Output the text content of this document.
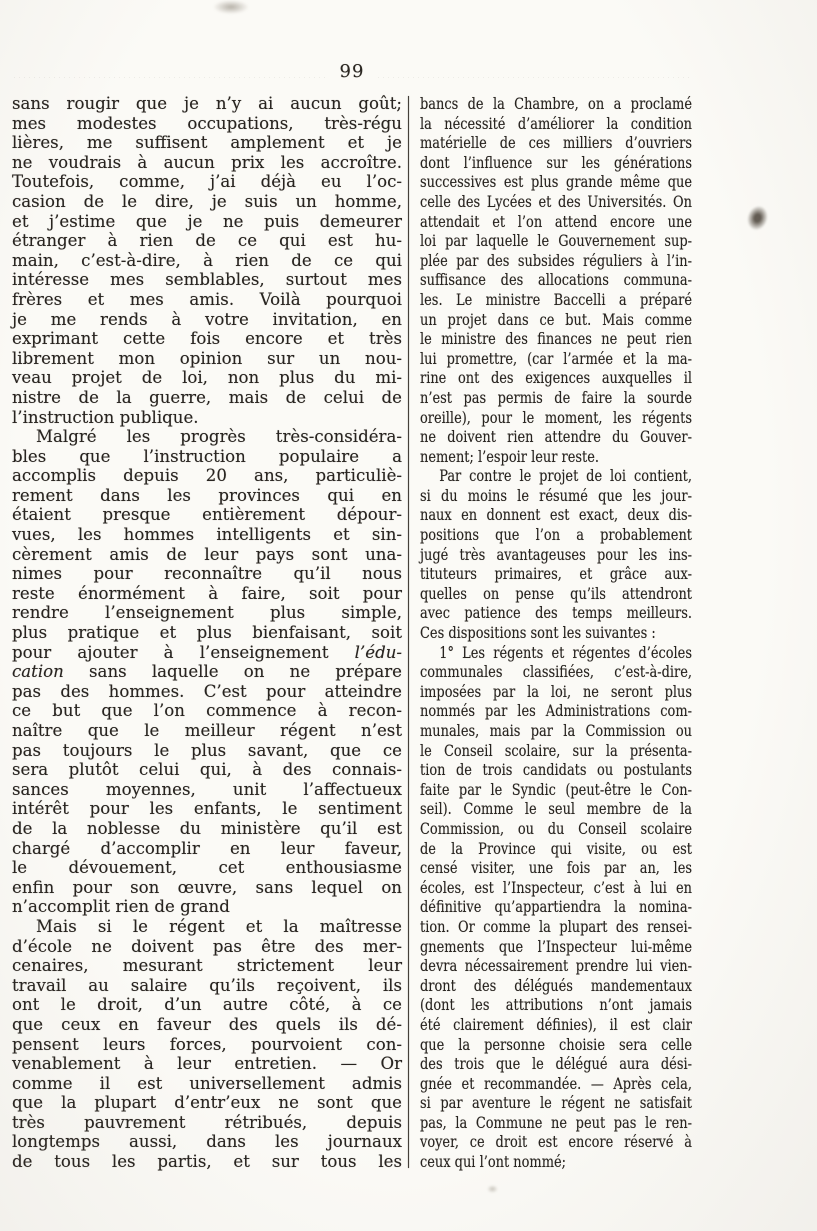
99
sans rougir que je n’y ai aucun goût;
mes modestes occupations, très-régu
lières, me suffisent amplement et je
ne voudrais à aucun prix les accroître.
Toutefois, comme, j’ai déjà eu l’oc-
casion de le dire, je suis un homme,
et j’estime que je ne puis demeurer
étranger à rien de ce qui est hu-
main, c’est-à-dire, à rien de ce qui
intéresse mes semblables, surtout mes
frères et mes amis. Voilà pourquoi
je me rends à votre invitation, en
exprimant cette fois encore et très
librement mon opinion sur un nou-
veau projet de loi, non plus du mi-
nistre de la guerre, mais de celui de
l’instruction publique.
Malgré les progrès très-considéra-
bles que l’instruction populaire a
accomplis depuis 20 ans, particuliè-
rement dans les provinces qui en
étaient presque entièrement dépour-
vues, les hommes intelligents et sin-
cèrement amis de leur pays sont una-
nimes pour reconnaître qu’il nous
reste énormément à faire, soit pour
rendre l’enseignement plus simple,
plus pratique et plus bienfaisant, soit
pour ajouter à l’enseignement l’édu-
cation sans laquelle on ne prépare
pas des hommes. C’est pour atteindre
ce but que l’on commence à recon-
naître que le meilleur régent n’est
pas toujours le plus savant, que ce
sera plutôt celui qui, à des connais-
sances moyennes, unit l’affectueux
intérêt pour les enfants, le sentiment
de la noblesse du ministère qu’il est
chargé d’accomplir en leur faveur,
le dévouement, cet enthousiasme
enfin pour son œuvre, sans lequel on
n’accomplit rien de grand
Mais si le régent et la maîtresse
d’école ne doivent pas être des mer-
cenaires, mesurant strictement leur
travail au salaire qu’ils reçoivent, ils
ont le droit, d’un autre côté, à ce
que ceux en faveur des quels ils dé-
pensent leurs forces, pourvoient con-
venablement à leur entretien. — Or
comme il est universellement admis
que la plupart d’entr’eux ne sont que
très pauvrement rétribués, depuis
longtemps aussi, dans les journaux
de tous les partis, et sur tous les
bancs de la Chambre, on a proclamé
la nécessité d’améliorer la condition
matérielle de ces milliers d’ouvriers
dont l’influence sur les générations
successives est plus grande même que
celle des Lycées et des Universités. On
attendait et l’on attend encore une
loi par laquelle le Gouvernement sup-
plée par des subsides réguliers à l’in-
suffisance des allocations communa-
les. Le ministre Baccelli a préparé
un projet dans ce but. Mais comme
le ministre des finances ne peut rien
lui promettre, (car l’armée et la ma-
rine ont des exigences auxquelles il
n’est pas permis de faire la sourde
oreille), pour le moment, les régents
ne doivent rien attendre du Gouver-
nement; l’espoir leur reste.
Par contre le projet de loi contient,
si du moins le résumé que les jour-
naux en donnent est exact, deux dis-
positions que l’on a probablement
jugé très avantageuses pour les ins-
tituteurs primaires, et grâce aux-
quelles on pense qu’ils attendront
avec patience des temps meilleurs.
Ces dispositions sont les suivantes :
1° Les régents et régentes d’écoles
communales classifiées, c’est-à-dire,
imposées par la loi, ne seront plus
nommés par les Administrations com-
munales, mais par la Commission ou
le Conseil scolaire, sur la présenta-
tion de trois candidats ou postulants
faite par le Syndic (peut-être le Con-
seil). Comme le seul membre de la
Commission, ou du Conseil scolaire
de la Province qui visite, ou est
censé visiter, une fois par an, les
écoles, est l’Inspecteur, c’est à lui en
définitive qu’appartiendra la nomina-
tion. Or comme la plupart des rensei-
gnements que l’Inspecteur lui-même
devra nécessairement prendre lui vien-
dront des délégués mandementaux
(dont les attributions n’ont jamais
été clairement définies), il est clair
que la personne choisie sera celle
des trois que le délégué aura dési-
gnée et recommandée. — Après cela,
si par aventure le régent ne satisfait
pas, la Commune ne peut pas le ren-
voyer, ce droit est encore réservé à
ceux qui l’ont nommé;
